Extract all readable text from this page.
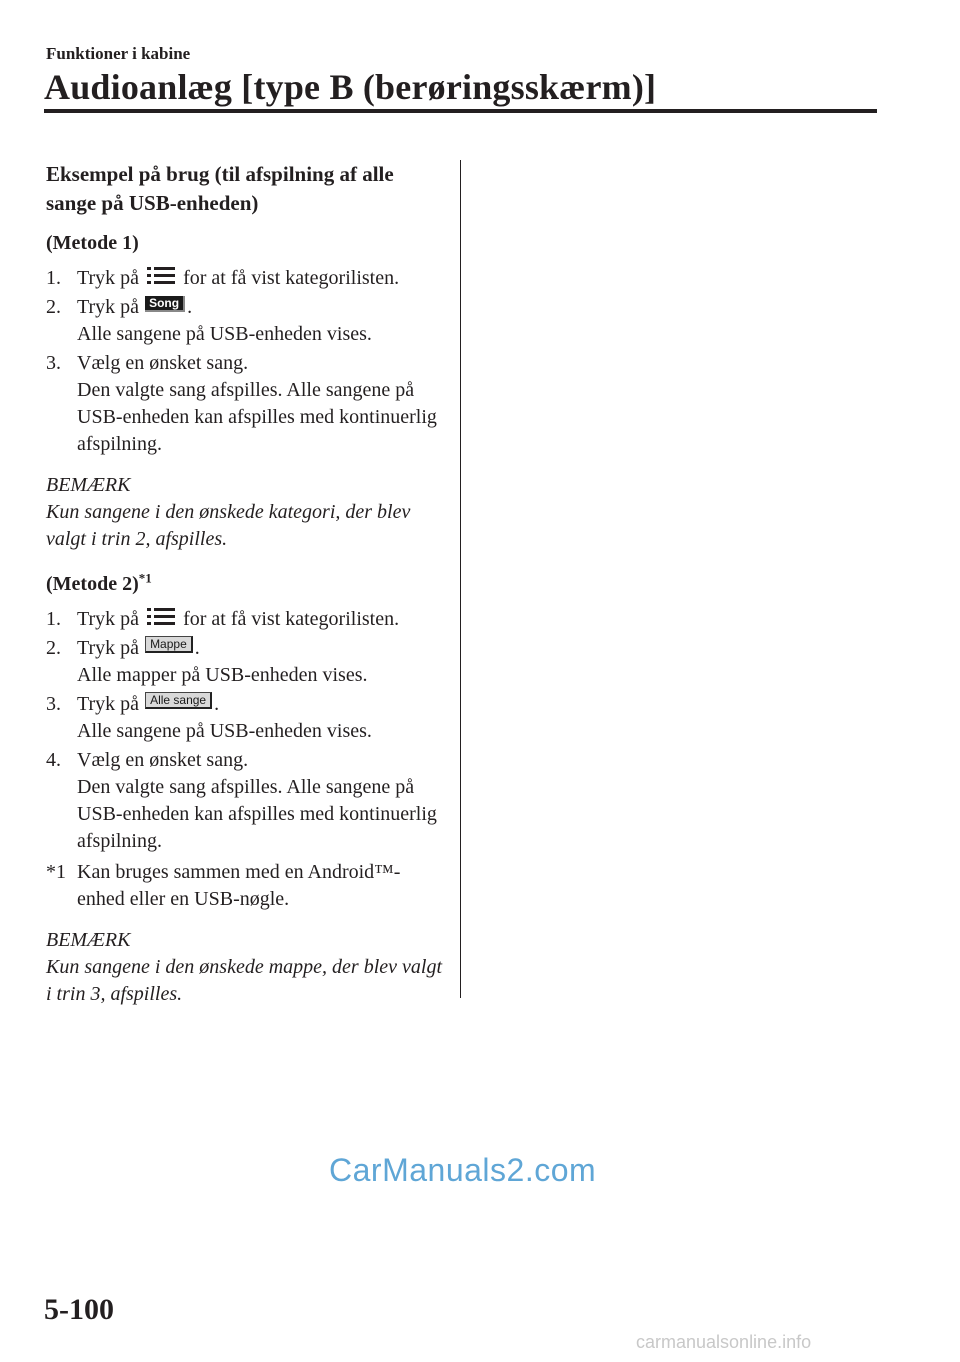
Funktioner i kabine
Audioanlæg [type B (berøringsskærm)]
Eksempel på brug (til afspilning af alle sange på USB-enheden)
(Metode 1)
1. Tryk på for at få vist kategorilisten.
2. Tryk på Song .
Alle sangene på USB-enheden vises.
3. Vælg en ønsket sang.
Den valgte sang afspilles. Alle sangene på USB-enheden kan afspilles med kontinuerlig afspilning.
BEMÆRK
Kun sangene i den ønskede kategori, der blev valgt i trin 2, afspilles.
(Metode 2)$^{*1}$
1. Tryk på for at få vist kategorilisten.
2. Tryk på Mappe .
Alle mapper på USB-enheden vises.
3. Tryk på Alle sange .
Alle sangene på USB-enheden vises.
4. Vælg en ønsket sang.
Den valgte sang afspilles. Alle sangene på USB-enheden kan afspilles med kontinuerlig afspilning.
*1 Kan bruges sammen med en Android™-enhed eller en USB-nøgle.
BEMÆRK
Kun sangene i den ønskede mappe, der blev valgt i trin 3, afspilles.
CarManuals2.com
5-100
carmanualsonline.info
